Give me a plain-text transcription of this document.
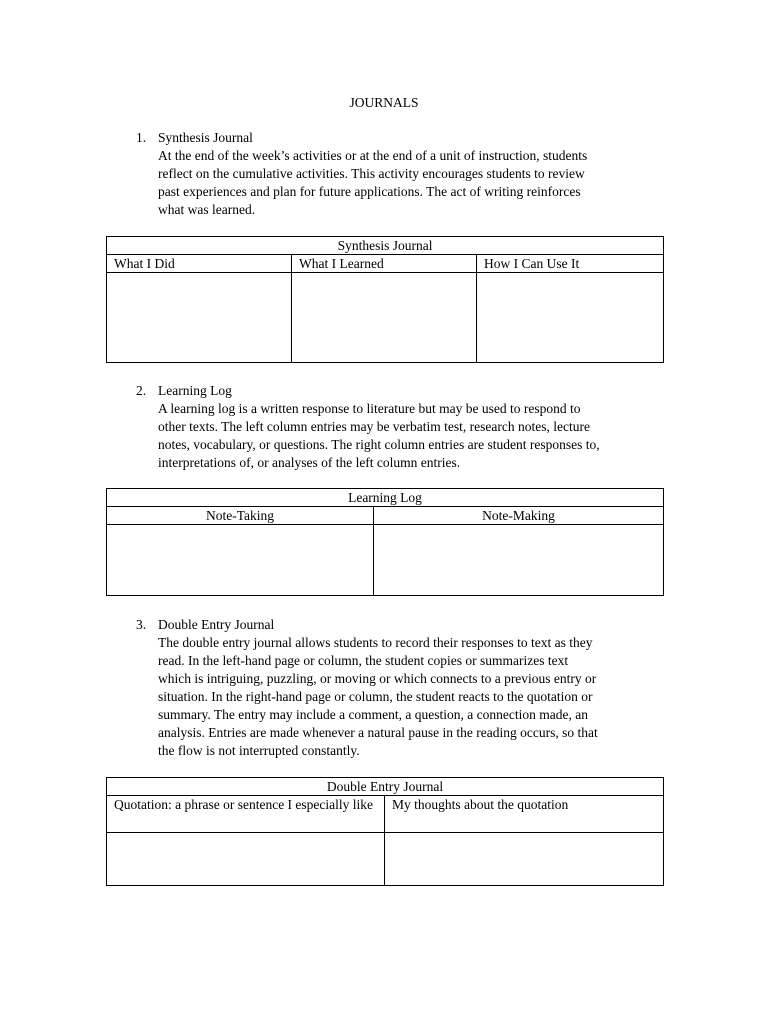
JOURNALS
1. Synthesis Journal
At the end of the week’s activities or at the end of a unit of instruction, students
reflect on the cumulative activities. This activity encourages students to review
past experiences and plan for future applications. The act of writing reinforces
what was learned.
Synthesis Journal		
What I Did	What I Learned	How I Can Use It

2. Learning Log
A learning log is a written response to literature but may be used to respond to
other texts. The left column entries may be verbatim test, research notes, lecture
notes, vocabulary, or questions. The right column entries are student responses to,
interpretations of, or analyses of the left column entries.
Learning Log	
Note-Taking	Note-Making

3. Double Entry Journal
The double entry journal allows students to record their responses to text as they
read. In the left-hand page or column, the student copies or summarizes text
which is intriguing, puzzling, or moving or which connects to a previous entry or
situation. In the right-hand page or column, the student reacts to the quotation or
summary. The entry may include a comment, a question, a connection made, an
analysis. Entries are made whenever a natural pause in the reading occurs, so that
the flow is not interrupted constantly.
Double Entry Journal	
Quotation: a phrase or sentence I especially like	My thoughts about the quotation
